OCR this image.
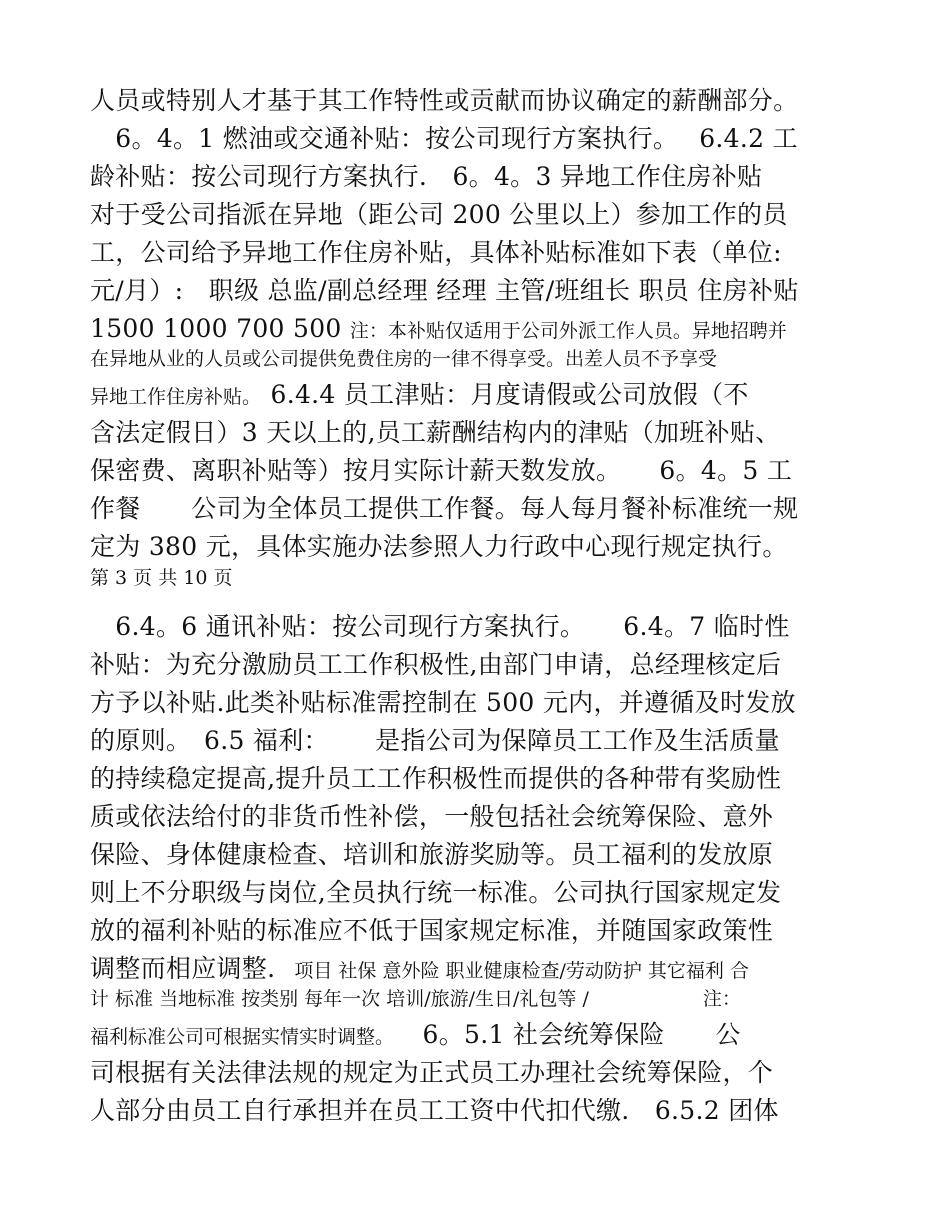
人员或特别人才基于其工作特性或贡献而协议确定的薪酬部分。
　6。4。1 燃油或交通补贴：按公司现行方案执行。　 6.4.2 工
龄补贴：按公司现行方案执行.　6。4。3 异地工作住房补贴
对于受公司指派在异地（距公司 200 公里以上）参加工作的员
工，公司给予异地工作住房补贴，具体补贴标准如下表（单位:
元/月）:　职级 总监/副总经理 经理 主管/班组长 职员 住房补贴
1500 1000 700 500 注：本补贴仅适用于公司外派工作人员。异地招聘并
在异地从业的人员或公司提供免费住房的一律不得享受。出差人员不予享受
异地工作住房补贴。　6.4.4 员工津贴：月度请假或公司放假（不
含法定假日）3 天以上的,员工薪酬结构内的津贴（加班补贴、
保密费、离职补贴等）按月实际计薪天数发放。　　6。4。5 工
作餐　　公司为全体员工提供工作餐。每人每月餐补标准统一规
定为 380 元，具体实施办法参照人力行政中心现行规定执行。
第 3 页 共 10 页
　6.4。6 通讯补贴：按公司现行方案执行。　　6.4。7 临时性
补贴：为充分激励员工工作积极性,由部门申请，总经理核定后
方予以补贴.此类补贴标准需控制在 500 元内，并遵循及时发放
的原则。　6.5 福利：　　 是指公司为保障员工工作及生活质量
的持续稳定提高,提升员工工作积极性而提供的各种带有奖励性
质或依法给付的非货币性补偿，一般包括社会统筹保险、意外
保险、身体健康检查、培训和旅游奖励等。员工福利的发放原
则上不分职级与岗位,全员执行统一标准。公司执行国家规定发
放的福利补贴的标准应不低于国家规定标准，并随国家政策性
调整而相应调整.　项目 社保 意外险 职业健康检查/劳动防护 其它福利 合
计 标准 当地标准 按类别 每年一次 培训/旅游/生日/礼包等 /　　　　　　注：
福利标准公司可根据实情实时调整。　　6。5.1 社会统筹保险　　公
司根据有关法律法规的规定为正式员工办理社会统筹保险，个
人部分由员工自行承担并在员工工资中代扣代缴.　6.5.2 团体
